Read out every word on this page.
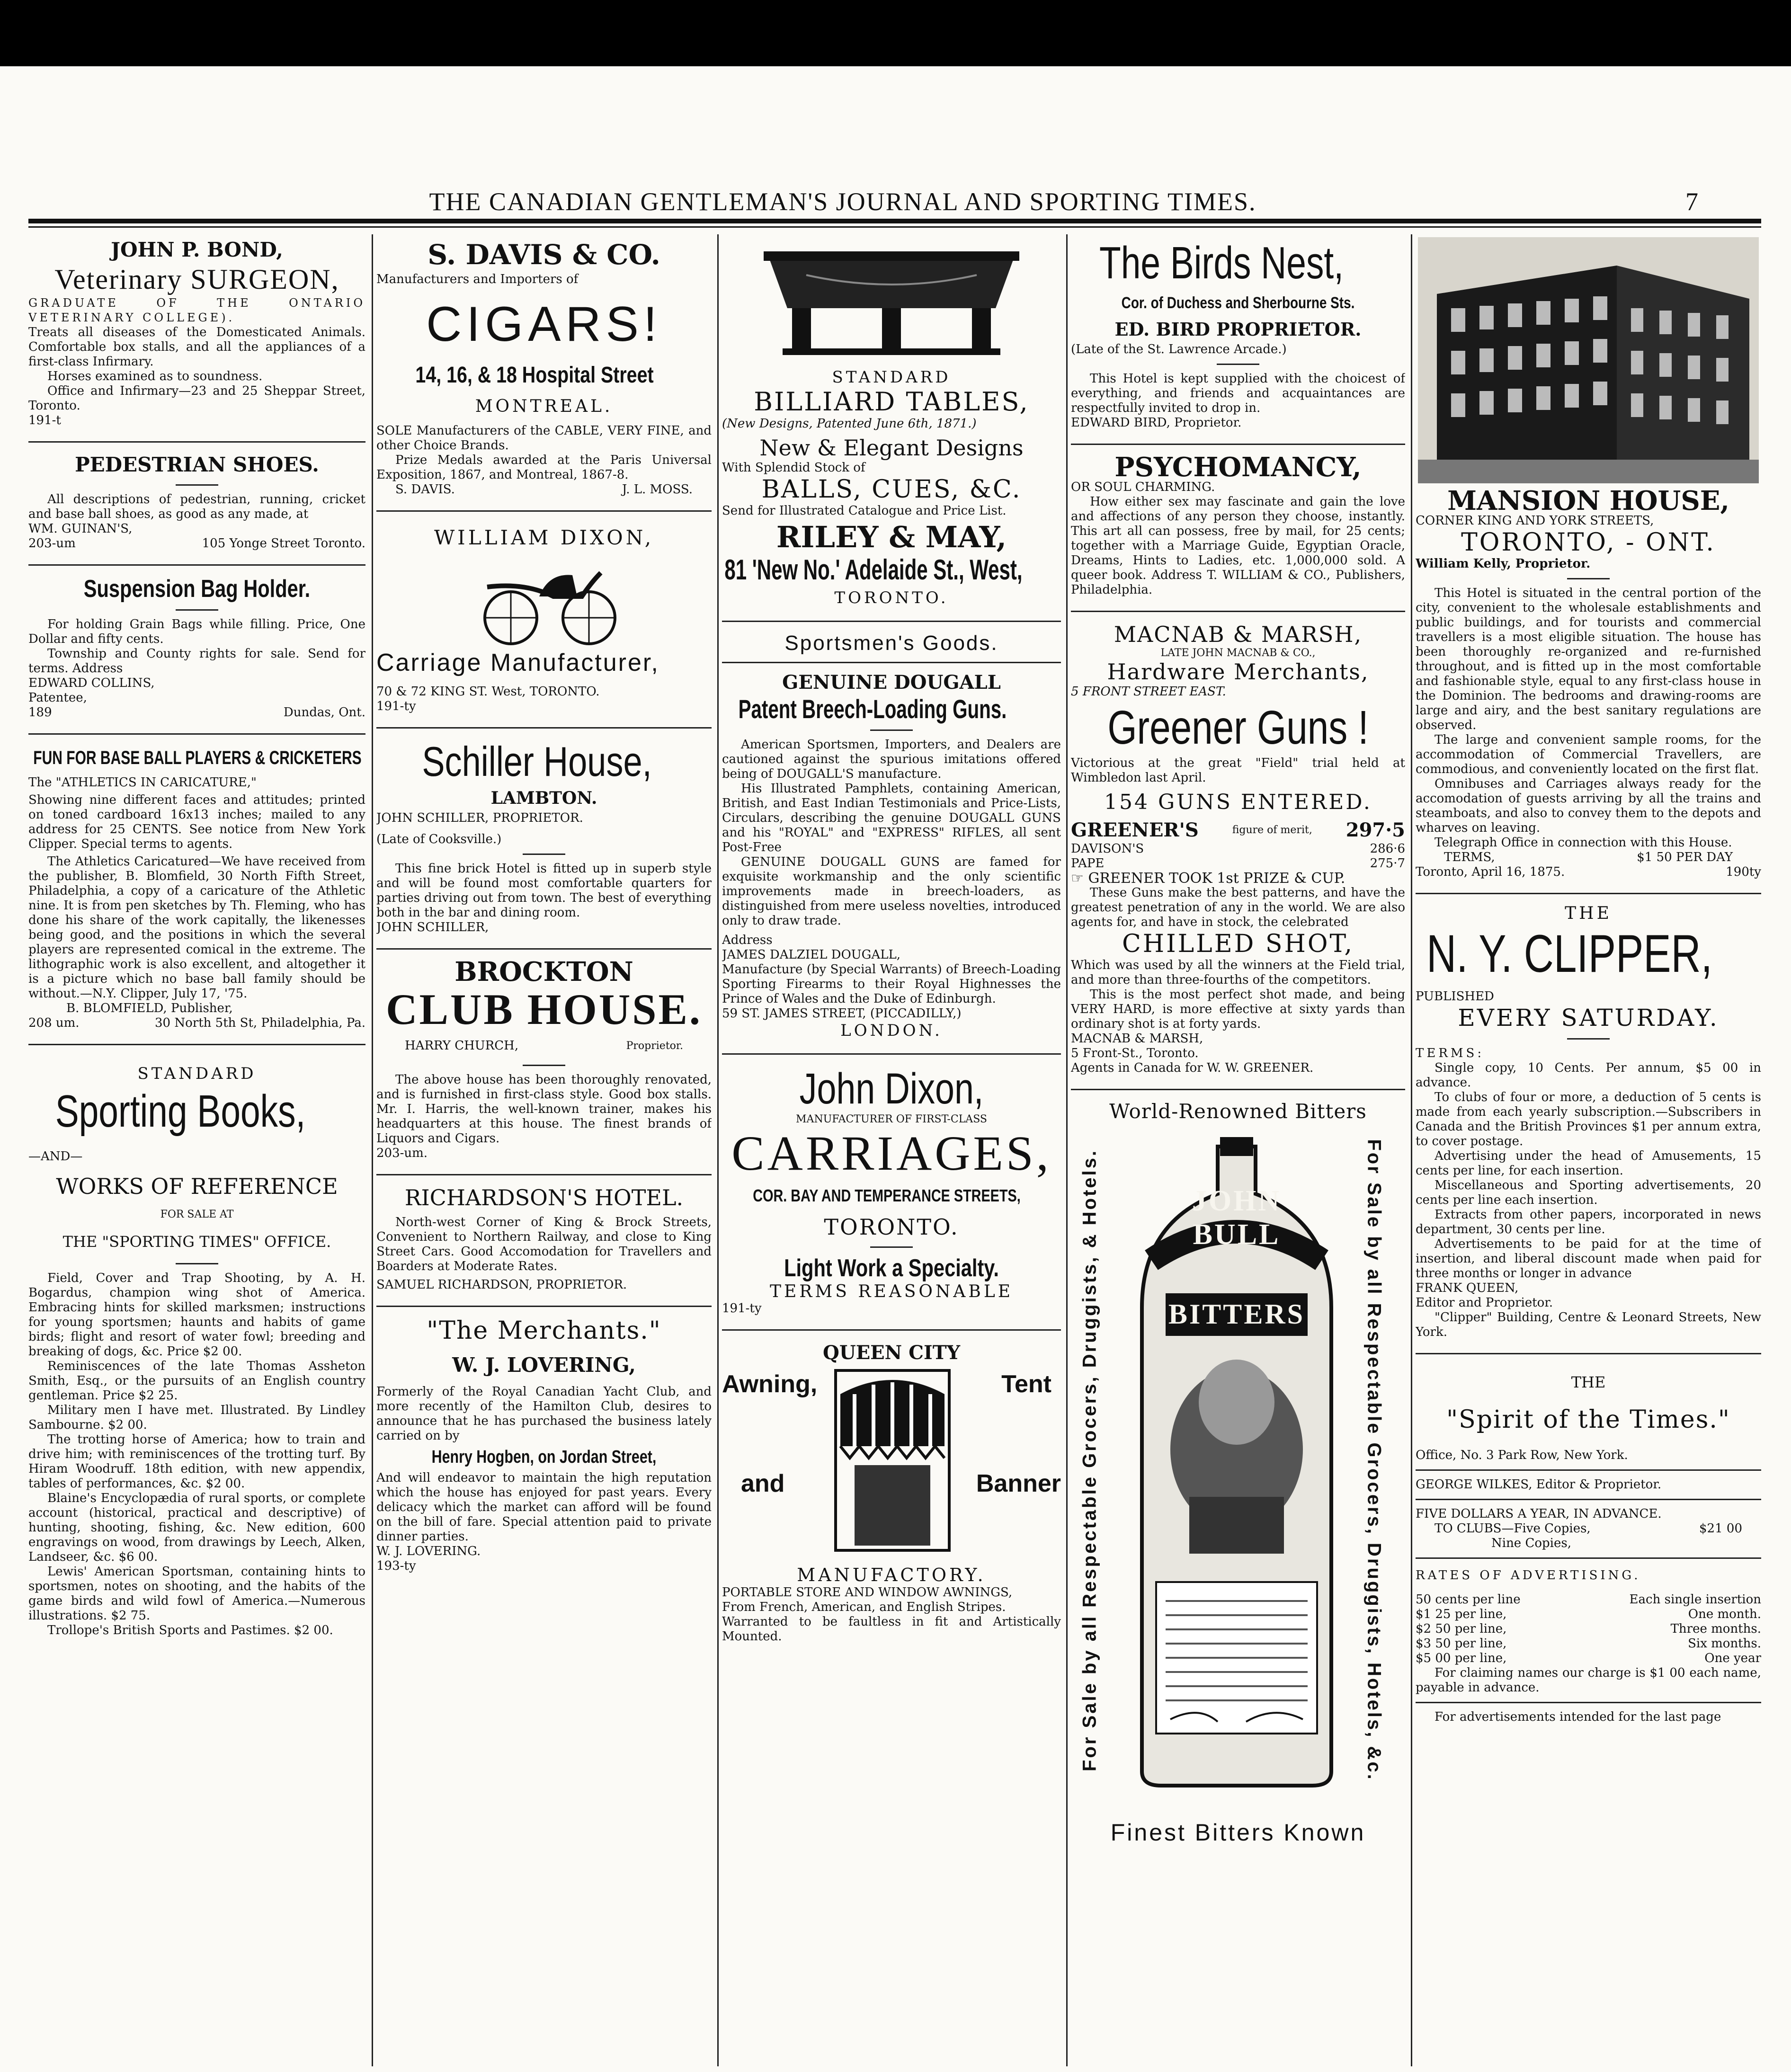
THE CANADIAN GENTLEMAN'S JOURNAL AND SPORTING TIMES.	7
JOHN P. BOND,
Veterinary SURGEON,
GRADUATE OF THE ONTARIO VETERINARY COLLEGE).
Treats all diseases of the Domesticated Animals. Comfortable box stalls, and all the appliances of a first-class Infirmary.
Horses examined as to soundness.
Office and Infirmary—23 and 25 Sheppar Street, Toronto.
191-t
PEDESTRIAN SHOES.
All descriptions of pedestrian, running, cricket and base ball shoes, as good as any made, at
WM. GUINAN'S,
203-um	105 Yonge Street Toronto.
Suspension Bag Holder.
For holding Grain Bags while filling. Price, One Dollar and fifty cents.
Township and County rights for sale. Send for terms. Address
EDWARD COLLINS,
Patentee,
189	Dundas, Ont.
FUN FOR BASE BALL PLAYERS & CRICKETERS
The "ATHLETICS IN CARICATURE,"
Showing nine different faces and attitudes; printed on toned cardboard 16x13 inches; mailed to any address for 25 CENTS. See notice from New York Clipper. Special terms to agents.
The Athletics Caricatured—We have received from the publisher, B. Blomfield, 30 North Fifth Street, Philadelphia, a copy of a caricature of the Athletic nine. It is from pen sketches by Th. Fleming, who has done his share of the work capitally, the likenesses being good, and the positions in which the several players are represented comical in the extreme. The lithographic work is also excellent, and altogether it is a picture which no base ball family should be without.—N.Y. Clipper, July 17, '75.
B. BLOMFIELD, Publisher,
208 um.	30 North 5th St, Philadelphia, Pa.
STANDARD
Sporting Books,
—AND—
WORKS OF REFERENCE
FOR SALE AT
THE "SPORTING TIMES" OFFICE.
Field, Cover and Trap Shooting, by A. H. Bogardus, champion wing shot of America. Embracing hints for skilled marksmen; instructions for young sportsmen; haunts and habits of game birds; flight and resort of water fowl; breeding and breaking of dogs, &c. Price $2 00.
Reminiscences of the late Thomas Assheton Smith, Esq., or the pursuits of an English country gentleman. Price $2 25.
Military men I have met. Illustrated. By Lindley Sambourne. $2 00.
The trotting horse of America; how to train and drive him; with reminiscences of the trotting turf. By Hiram Woodruff. 18th edition, with new appendix, tables of performances, &c. $2 00.
Blaine's Encyclopædia of rural sports, or complete account (historical, practical and descriptive) of hunting, shooting, fishing, &c. New edition, 600 engravings on wood, from drawings by Leech, Alken, Landseer, &c. $6 00.
Lewis' American Sportsman, containing hints to sportsmen, notes on shooting, and the habits of the game birds and wild fowl of America.—Numerous illustrations. $2 75.
Trollope's British Sports and Pastimes. $2 00.
S. DAVIS & CO.
Manufacturers and Importers of
CIGARS!
14, 16, & 18 Hospital Street
MONTREAL.
SOLE Manufacturers of the CABLE, VERY FINE, and other Choice Brands.
Prize Medals awarded at the Paris Universal Exposition, 1867, and Montreal, 1867-8.
S. DAVIS.	J. L. MOSS.
WILLIAM DIXON,
Carriage Manufacturer,
70 & 72 KING ST. West, TORONTO.
191-ty
Schiller House,
LAMBTON.
JOHN SCHILLER, PROPRIETOR.
(Late of Cooksville.)
This fine brick Hotel is fitted up in superb style and will be found most comfortable quarters for parties driving out from town. The best of everything both in the bar and dining room.
JOHN SCHILLER,
BROCKTON
CLUB HOUSE.
HARRY CHURCH,	Proprietor.
The above house has been thoroughly renovated, and is furnished in first-class style. Good box stalls. Mr. I. Harris, the well-known trainer, makes his headquarters at this house. The finest brands of Liquors and Cigars.
203-um.
RICHARDSON'S HOTEL.
North-west Corner of King & Brock Streets, Convenient to Northern Railway, and close to King Street Cars. Good Accomodation for Travellers and Boarders at Moderate Rates.
SAMUEL RICHARDSON, PROPRIETOR.
"The Merchants."
W. J. LOVERING,
Formerly of the Royal Canadian Yacht Club, and more recently of the Hamilton Club, desires to announce that he has purchased the business lately carried on by
Henry Hogben, on Jordan Street,
And will endeavor to maintain the high reputation which the house has enjoyed for past years. Every delicacy which the market can afford will be found on the bill of fare. Special attention paid to private dinner parties.
W. J. LOVERING.
193-ty
STANDARD
BILLIARD TABLES,
(New Designs, Patented June 6th, 1871.)
New & Elegant Designs
With Splendid Stock of
BALLS, CUES, &C.
Send for Illustrated Catalogue and Price List.
RILEY & MAY,
81 'New No.' Adelaide St., West,
TORONTO.
Sportsmen's Goods.
GENUINE DOUGALL
Patent Breech-Loading Guns.
American Sportsmen, Importers, and Dealers are cautioned against the spurious imitations offered being of DOUGALL'S manufacture.
His Illustrated Pamphlets, containing American, British, and East Indian Testimonials and Price-Lists, Circulars, describing the genuine DOUGALL GUNS and his "ROYAL" and "EXPRESS" RIFLES, all sent Post-Free
GENUINE DOUGALL GUNS are famed for exquisite workmanship and the only scientific improvements made in breech-loaders, as distinguished from mere useless novelties, introduced only to draw trade.
Address
JAMES DALZIEL DOUGALL,
Manufacture (by Special Warrants) of Breech-Loading Sporting Firearms to their Royal Highnesses the Prince of Wales and the Duke of Edinburgh.
59 ST. JAMES STREET, (PICCADILLY,)
LONDON.
John Dixon,
MANUFACTURER OF FIRST-CLASS
CARRIAGES,
COR. BAY AND TEMPERANCE STREETS,
TORONTO.
Light Work a Specialty.
TERMS REASONABLE
191-ty
QUEEN CITY
Awning,	Tent
and	Banner
MANUFACTORY.
PORTABLE STORE AND WINDOW AWNINGS,
From French, American, and English Stripes.
Warranted to be faultless in fit and Artistically Mounted.
The Birds Nest,
Cor. of Duchess and Sherbourne Sts.
ED. BIRD PROPRIETOR.
(Late of the St. Lawrence Arcade.)
This Hotel is kept supplied with the choicest of everything, and friends and acquaintances are respectfully invited to drop in.
EDWARD BIRD, Proprietor.
PSYCHOMANCY,
OR SOUL CHARMING.
How either sex may fascinate and gain the love and affections of any person they choose, instantly. This art all can possess, free by mail, for 25 cents; together with a Marriage Guide, Egyptian Oracle, Dreams, Hints to Ladies, etc. 1,000,000 sold. A queer book. Address T. WILLIAM & CO., Publishers, Philadelphia.
MACNAB & MARSH,
LATE JOHN MACNAB & CO.,
Hardware Merchants,
5 FRONT STREET EAST.
Greener Guns !
Victorious at the great "Field" trial held at Wimbledon last April.
154 GUNS ENTERED.
GREENER'S	figure of merit, 297·5
DAVISON'S	286·6
PAPE	275·7
☞ GREENER TOOK 1st PRIZE & CUP.
These Guns make the best patterns, and have the greatest penetration of any in the world. We are also agents for, and have in stock, the celebrated
CHILLED SHOT,
Which was used by all the winners at the Field trial, and more than three-fourths of the competitors.
This is the most perfect shot made, and being VERY HARD, is more effective at sixty yards than ordinary shot is at forty yards.
MACNAB & MARSH,
5 Front-St., Toronto.
Agents in Canada for W. W. GREENER.
World-Renowned Bitters
For Sale by all Respectable Grocers, Druggists, & Hotels.	For Sale by all Respectable Grocers, Druggists, Hotels, &c.
JOHN BULL
BITTERS
Finest Bitters Known
MANSION HOUSE,
CORNER KING AND YORK STREETS,
TORONTO, - ONT.
William Kelly, Proprietor.
This Hotel is situated in the central portion of the city, convenient to the wholesale establishments and public buildings, and for tourists and commercial travellers is a most eligible situation. The house has been thoroughly re-organized and re-furnished throughout, and is fitted up in the most comfortable and fashionable style, equal to any first-class house in the Dominion. The bedrooms and drawing-rooms are large and airy, and the best sanitary regulations are observed.
The large and convenient sample rooms, for the accommodation of Commercial Travellers, are commodious, and conveniently located on the first flat.
Omnibuses and Carriages always ready for the accomodation of guests arriving by all the trains and steamboats, and also to convey them to the depots and wharves on leaving.
Telegraph Office in connection with this House.
TERMS,	$1 50 PER DAY
Toronto, April 16, 1875.	190ty
THE
N. Y. CLIPPER,
PUBLISHED
EVERY SATURDAY.
TERMS:
Single copy, 10 Cents. Per annum, $5 00 in advance.
To clubs of four or more, a deduction of 5 cents is made from each yearly subscription.—Subscribers in Canada and the British Provinces $1 per annum extra, to cover postage.
Advertising under the head of Amusements, 15 cents per line, for each insertion.
Miscellaneous and Sporting advertisements, 20 cents per line each insertion.
Extracts from other papers, incorporated in news department, 30 cents per line.
Advertisements to be paid for at the time of insertion, and liberal discount made when paid for three months or longer in advance
FRANK QUEEN,
Editor and Proprietor.
"Clipper" Building, Centre & Leonard Streets, New York.
THE
"Spirit of the Times."
Office, No. 3 Park Row, New York.
GEORGE WILKES, Editor & Proprietor.
FIVE DOLLARS A YEAR, IN ADVANCE.
TO CLUBS—Five Copies,	$21 00
Nine Copies,
RATES OF ADVERTISING.
50 cents per line	Each single insertion
$1 25 per line,	One month.
$2 50 per line,	Three months.
$3 50 per line,	Six months.
$5 00 per line,	One year
For claiming names our charge is $1 00 each name, payable in advance.
For advertisements intended for the last page
